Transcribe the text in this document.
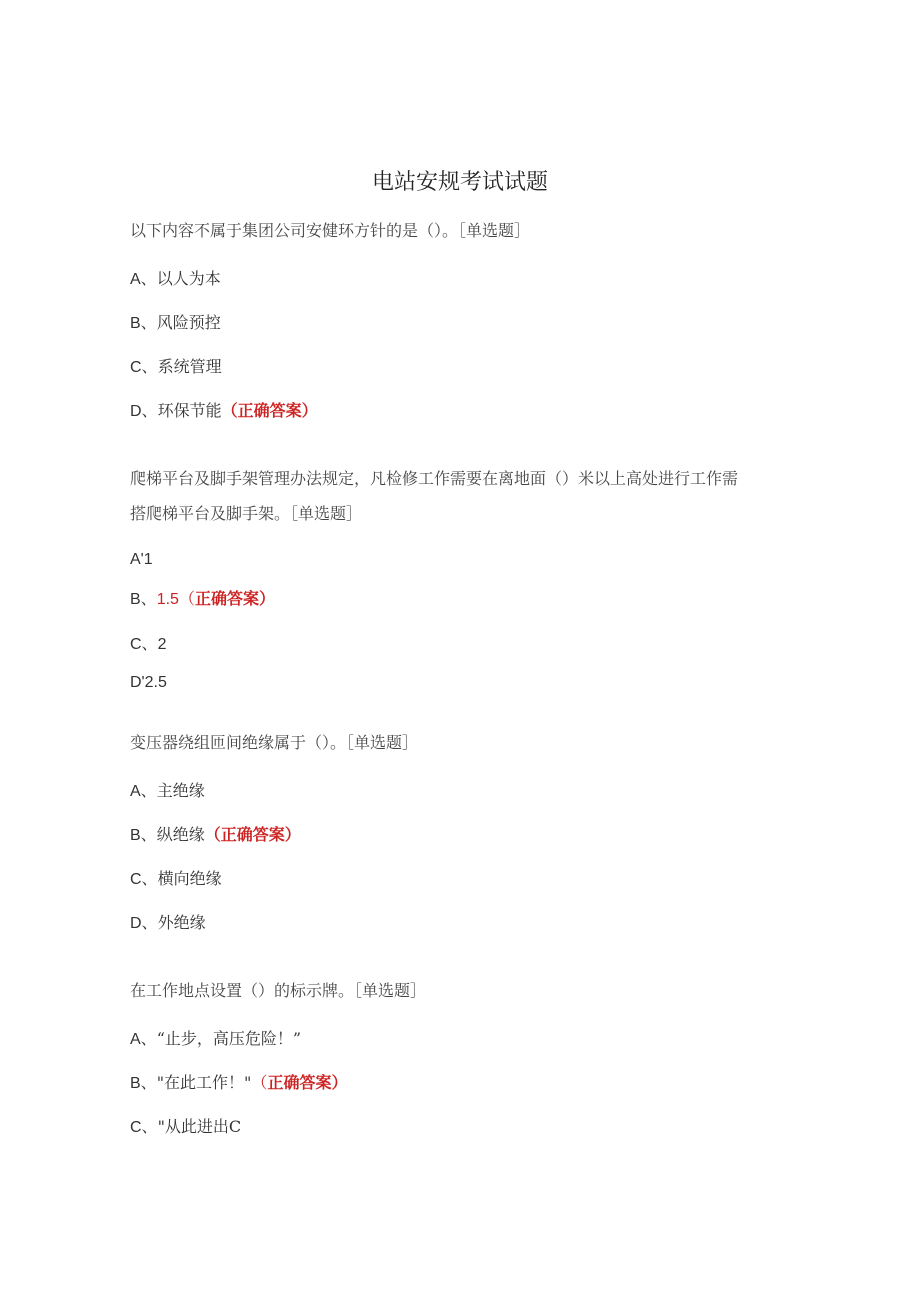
电站安规考试试题
以下内容不属于集团公司安健环方针的是（）。［单选题］
A、以人为本
B、风险预控
C、系统管理
D、环保节能（正确答案）
爬梯平台及脚手架管理办法规定，凡检修工作需要在离地面（）米以上高处进行工作需
搭爬梯平台及脚手架。［单选题］
A'1
B、1.5（正确答案）
C、2
D'2.5
变压器绕组匝间绝缘属于（）。［单选题］
A、主绝缘
B、纵绝缘（正确答案）
C、横向绝缘
D、外绝缘
在工作地点设置（）的标示牌。［单选题］
A、“止步，高压危险！”
B、"在此工作！"（正确答案）
C、"从此进出C
